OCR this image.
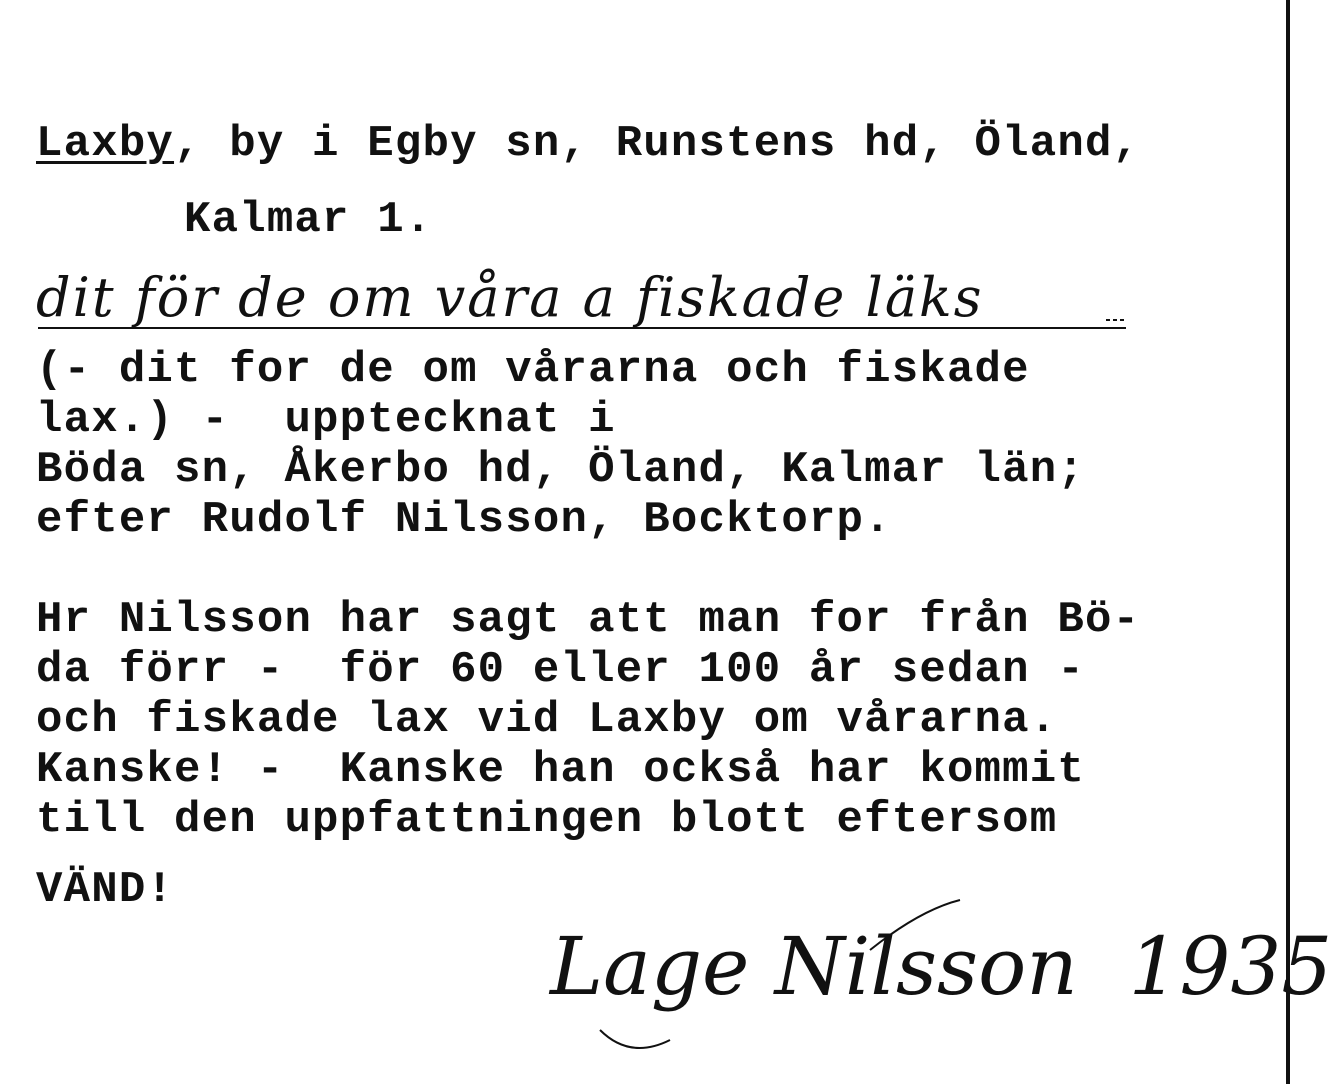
Laxby, by i Egby sn, Runstens hd, Öland,
Kalmar 1.
dit för de om våra a fiskade läks
(- dit for de om vårarna och fiskade
lax.) -  upptecknat i
Böda sn, Åkerbo hd, Öland, Kalmar län;
efter Rudolf Nilsson, Bocktorp.
Hr Nilsson har sagt att man for från Bö-
da förr -  för 60 eller 100 år sedan -
och fiskade lax vid Laxby om vårarna.
Kanske! -  Kanske han också har kommit
till den uppfattningen blott eftersom
VÄND!
Lage Nilsson 1935
